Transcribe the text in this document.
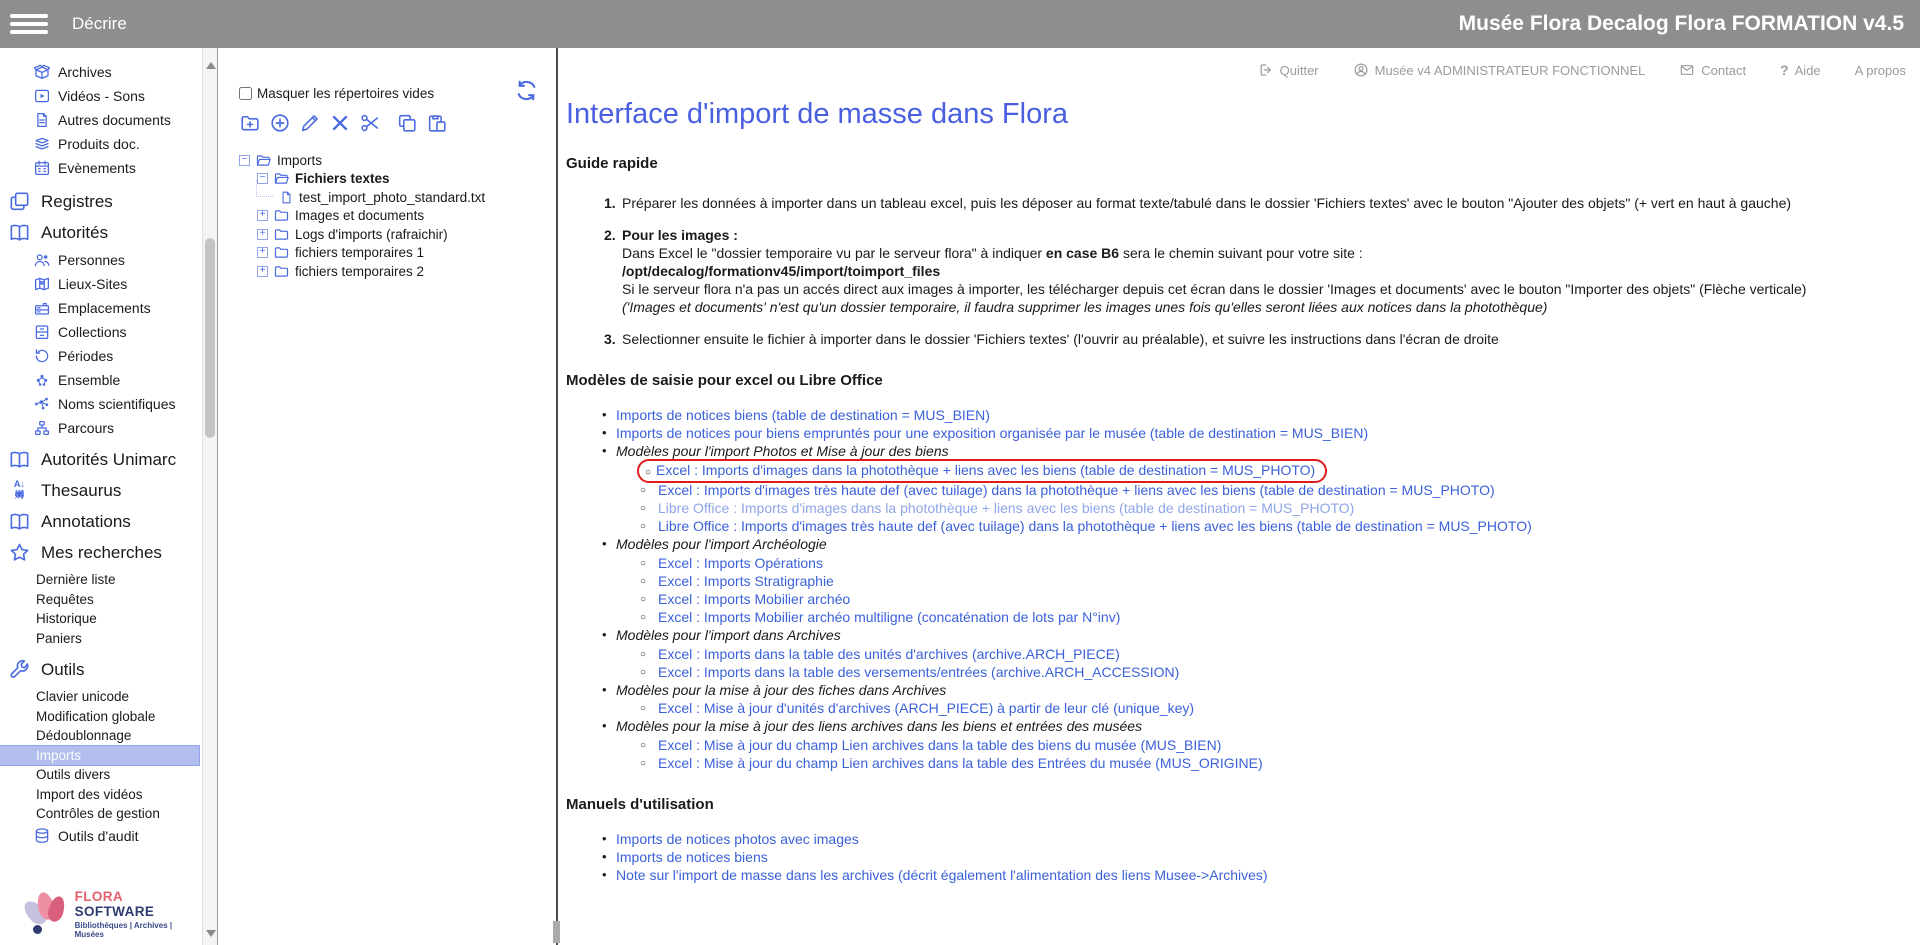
Décrire	Musée Flora Decalog Flora FORMATION v4.5
Archives
Vidéos - Sons
Autres documents
Produits doc.
Evènements
Registres
Autorités
Personnes
Lieux-Sites
Emplacements
Collections
Périodes
Ensemble
Noms scientifiques
Parcours
Autorités Unimarc
A↓ 𡤛
Thesaurus
Annotations
Mes recherches
Dernière liste
Requêtes
Historique
Paniers
Outils
Clavier unicode
Modification globale
Dédoublonnage
Imports
Outils divers
Import des vidéos
Contrôles de gestion
Outils d'audit
FLORA SOFTWARE
Bibliothèques | Archives | Musées
Masquer les répertoires vides
−
Imports
−
Fichiers textes
test_import_photo_standard.txt
+
Images et documents
+
Logs d'imports (rafraichir)
+
fichiers temporaires 1
+
fichiers temporaires 2
Quitter	Musée v4 ADMINISTRATEUR FONCTIONNEL	Contact ? Aide	A propos
Interface d'import de masse dans Flora
Guide rapide
1. Préparer les données à importer dans un tableau excel, puis les déposer au format texte/tabulé dans le dossier 'Fichiers textes' avec le bouton "Ajouter des objets" (+ vert en haut à gauche)
2. Pour les images :
Dans Excel le "dossier temporaire vu par le serveur flora" à indiquer en case B6 sera le chemin suivant pour votre site :
/opt/decalog/formationv45/import/toimport_files
Si le serveur flora n'a pas un accés direct aux images à importer, les télécharger depuis cet écran dans le dossier 'Images et documents' avec le bouton "Importer des objets" (Flèche verticale)
('Images et documents' n'est qu'un dossier temporaire, il faudra supprimer les images unes fois qu'elles seront liées aux notices dans la photothèque)
3. Selectionner ensuite le fichier à importer dans le dossier 'Fichiers textes' (l'ouvrir au préalable), et suivre les instructions dans l'écran de droite
Modèles de saisie pour excel ou Libre Office
• Imports de notices biens (table de destination = MUS_BIEN)
• Imports de notices pour biens empruntés pour une exposition organisée par le musée (table de destination = MUS_BIEN)
• Modèles pour l'import Photos et Mise à jour des biens
○ Excel : Imports d'images dans la photothèque + liens avec les biens (table de destination = MUS_PHOTO)
○ Excel : Imports d'images très haute def (avec tuilage) dans la photothèque + liens avec les biens (table de destination = MUS_PHOTO)
○ Libre Office : Imports d'images dans la photothèque + liens avec les biens (table de destination = MUS_PHOTO)
○ Libre Office : Imports d'images très haute def (avec tuilage) dans la photothèque + liens avec les biens (table de destination = MUS_PHOTO)
• Modèles pour l'import Archéologie
○ Excel : Imports Opérations
○ Excel : Imports Stratigraphie
○ Excel : Imports Mobilier archéo
○ Excel : Imports Mobilier archéo multiligne (concaténation de lots par N°inv)
• Modèles pour l'import dans Archives
○ Excel : Imports dans la table des unités d'archives (archive.ARCH_PIECE)
○ Excel : Imports dans la table des versements/entrées (archive.ARCH_ACCESSION)
• Modèles pour la mise à jour des fiches dans Archives
○ Excel : Mise à jour d'unités d'archives (ARCH_PIECE) à partir de leur clé (unique_key)
• Modèles pour la mise à jour des liens archives dans les biens et entrées des musées
○ Excel : Mise à jour du champ Lien archives dans la table des biens du musée (MUS_BIEN)
○ Excel : Mise à jour du champ Lien archives dans la table des Entrées du musée (MUS_ORIGINE)
Manuels d'utilisation
• Imports de notices photos avec images
• Imports de notices biens
• Note sur l'import de masse dans les archives (décrit également l'alimentation des liens Musee->Archives)
